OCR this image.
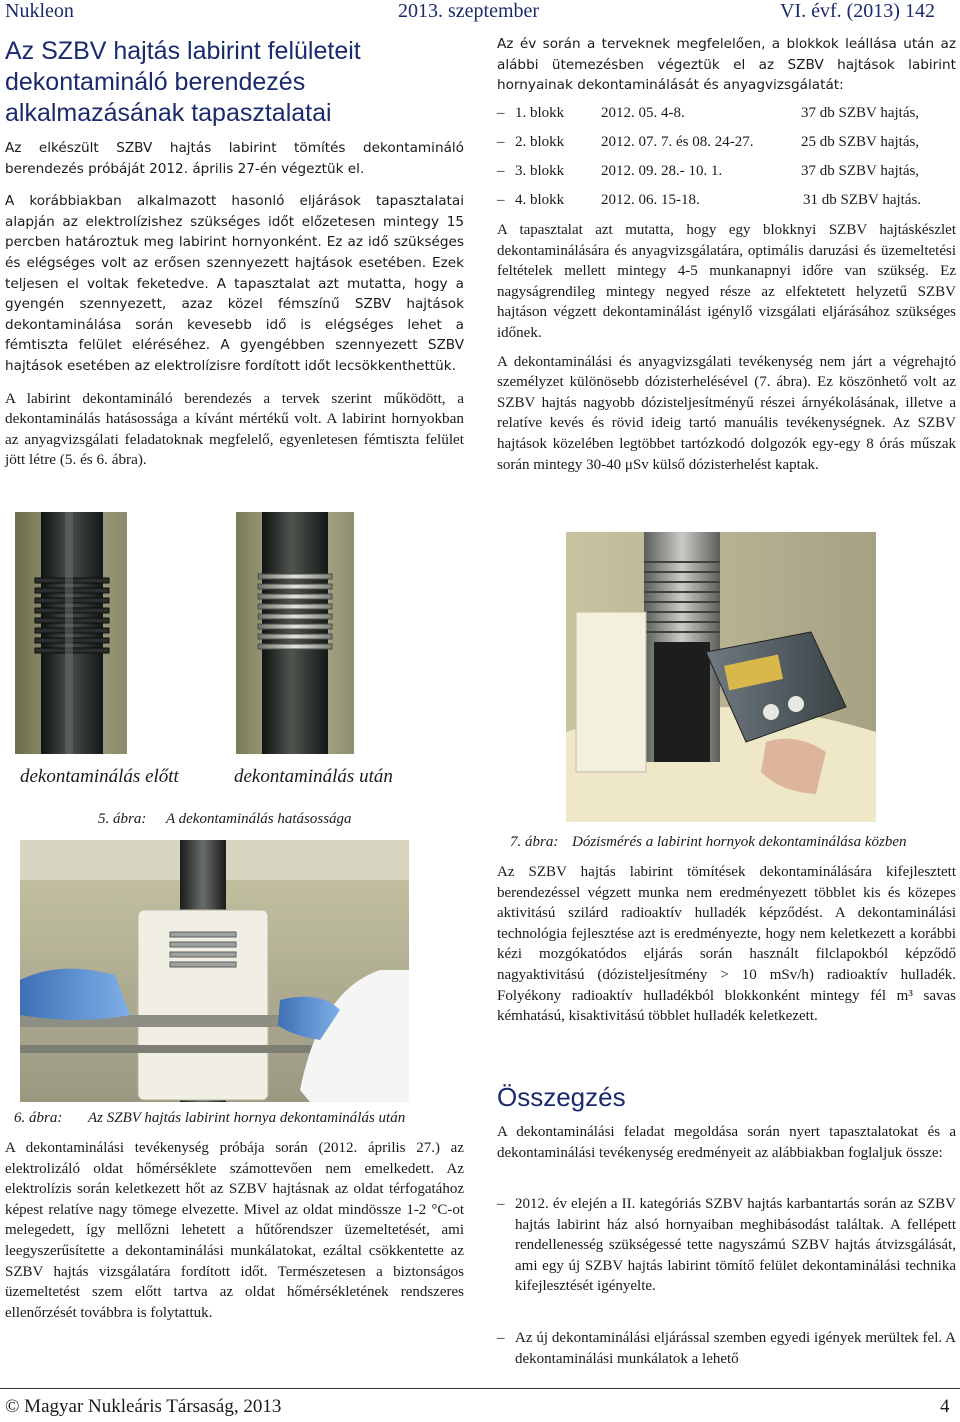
Nukleon	2013. szeptember	VI. évf. (2013) 142
Az SZBV hajtás labirint felületeit dekontamináló berendezés alkalmazásának tapasztalatai

Az elkészült SZBV hajtás labirint tömítés dekontamináló berendezés próbáját 2012. április 27-én végeztük el.

A korábbiakban alkalmazott hasonló eljárások tapasztalatai alapján az elektrolízishez szükséges időt előzetesen mintegy 15 percben határoztuk meg labirint hornyonként. Ez az idő szükséges és elégséges volt az erősen szennyezett hajtások esetében. Ezek teljesen el voltak feketedve. A tapasztalat azt mutatta, hogy a gyengén szennyezett, azaz közel fémszínű SZBV hajtások dekontaminálása során kevesebb idő is elégséges lehet a fémtiszta felület eléréséhez. A gyengébben szennyezett SZBV hajtások esetében az elektrolízisre fordított időt lecsökkenthettük.

A labirint dekontamináló berendezés a tervek szerint működött, a dekontaminálás hatásossága a kívánt mértékű volt. A labirint hornyokban az anyagvizsgálati feladatoknak megfelelő, egyenletesen fémtiszta felület jött létre (5. és 6. ábra).

dekontaminálás előtt	dekontaminálás után
5. ábra: A dekontaminálás hatásossága
6. ábra: Az SZBV hajtás labirint hornya dekontaminálás után

A dekontaminálási tevékenység próbája során (2012. április 27.) az elektrolizáló oldat hőmérséklete számottevően nem emelkedett. Az elektrolízis során keletkezett hőt az SZBV hajtásnak az oldat térfogatához képest relatíve nagy tömege elvezette. Mivel az oldat mindössze 1-2 °C-ot melegedett, így mellőzni lehetett a hűtőrendszer üzemeltetését, ami leegyszerűsítette a dekontaminálási munkálatokat, ezáltal csökkentette az SZBV hajtás vizsgálatára fordított időt. Természetesen a biztonságos üzemeltetést szem előtt tartva az oldat hőmérsékletének rendszeres ellenőrzését továbbra is folytattuk.

Az év során a terveknek megfelelően, a blokkok leállása után az alábbi ütemezésben végeztük el az SZBV hajtások labirint hornyainak dekontaminálását és anyagvizsgálatát:

– 1. blokk 2012. 05. 4-8.	37 db SZBV hajtás,
– 2. blokk 2012. 07. 7. és 08. 24-27.	25 db SZBV hajtás,
– 3. blokk 2012. 09. 28.- 10. 1.	37 db SZBV hajtás,
– 4. blokk 2012. 06. 15-18.	31 db SZBV hajtás.

A tapasztalat azt mutatta, hogy egy blokknyi SZBV hajtáskészlet dekontaminálására és anyagvizsgálatára, optimális daruzási és üzemeltetési feltételek mellett mintegy 4-5 munkanapnyi időre van szükség. Ez nagyságrendileg mintegy negyed része az elfektetett helyzetű SZBV hajtáson végzett dekontaminálást igénylő vizsgálati eljárásához szükséges időnek.

A dekontaminálási és anyagvizsgálati tevékenység nem járt a végrehajtó személyzet különösebb dózisterhelésével (7. ábra). Ez köszönhető volt az SZBV hajtás nagyobb dózisteljesítményű részei árnyékolásának, illetve a relatíve kevés és rövid ideig tartó manuális tevékenységnek. Az SZBV hajtások közelében legtöbbet tartózkodó dolgozók egy-egy 8 órás műszak során mintegy 30-40 μSv külső dózisterhelést kaptak.

7. ábra: Dózismérés a labirint hornyok dekontaminálása közben

Az SZBV hajtás labirint tömítések dekontaminálására kifejlesztett berendezéssel végzett munka nem eredményezett többlet kis és közepes aktivitású szilárd radioaktív hulladék képződést. A dekontaminálási technológia fejlesztése azt is eredményezte, hogy nem keletkezett a korábbi kézi mozgókatódos eljárás során használt filclapokból képződő nagyaktivitású (dózisteljesítmény > 10 mSv/h) radioaktív hulladék. Folyékony radioaktív hulladékból blokkonként mintegy fél m³ savas kémhatású, kisaktivitású többlet hulladék keletkezett.

Összegzés

A dekontaminálási feladat megoldása során nyert tapasztalatokat és a dekontaminálási tevékenység eredményeit az alábbiakban foglaljuk össze:

– 2012. év elején a II. kategóriás SZBV hajtás karbantartás során az SZBV hajtás labirint ház alsó hornyaiban meghibásodást találtak. A fellépett rendellenesség szükségessé tette nagyszámú SZBV hajtás átvizsgálását, ami egy új SZBV hajtás labirint tömítő felület dekontaminálási technika kifejlesztését igényelte.
– Az új dekontaminálási eljárással szemben egyedi igények merültek fel. A dekontaminálási munkálatok a lehető
© Magyar Nukleáris Társaság, 2013	4
